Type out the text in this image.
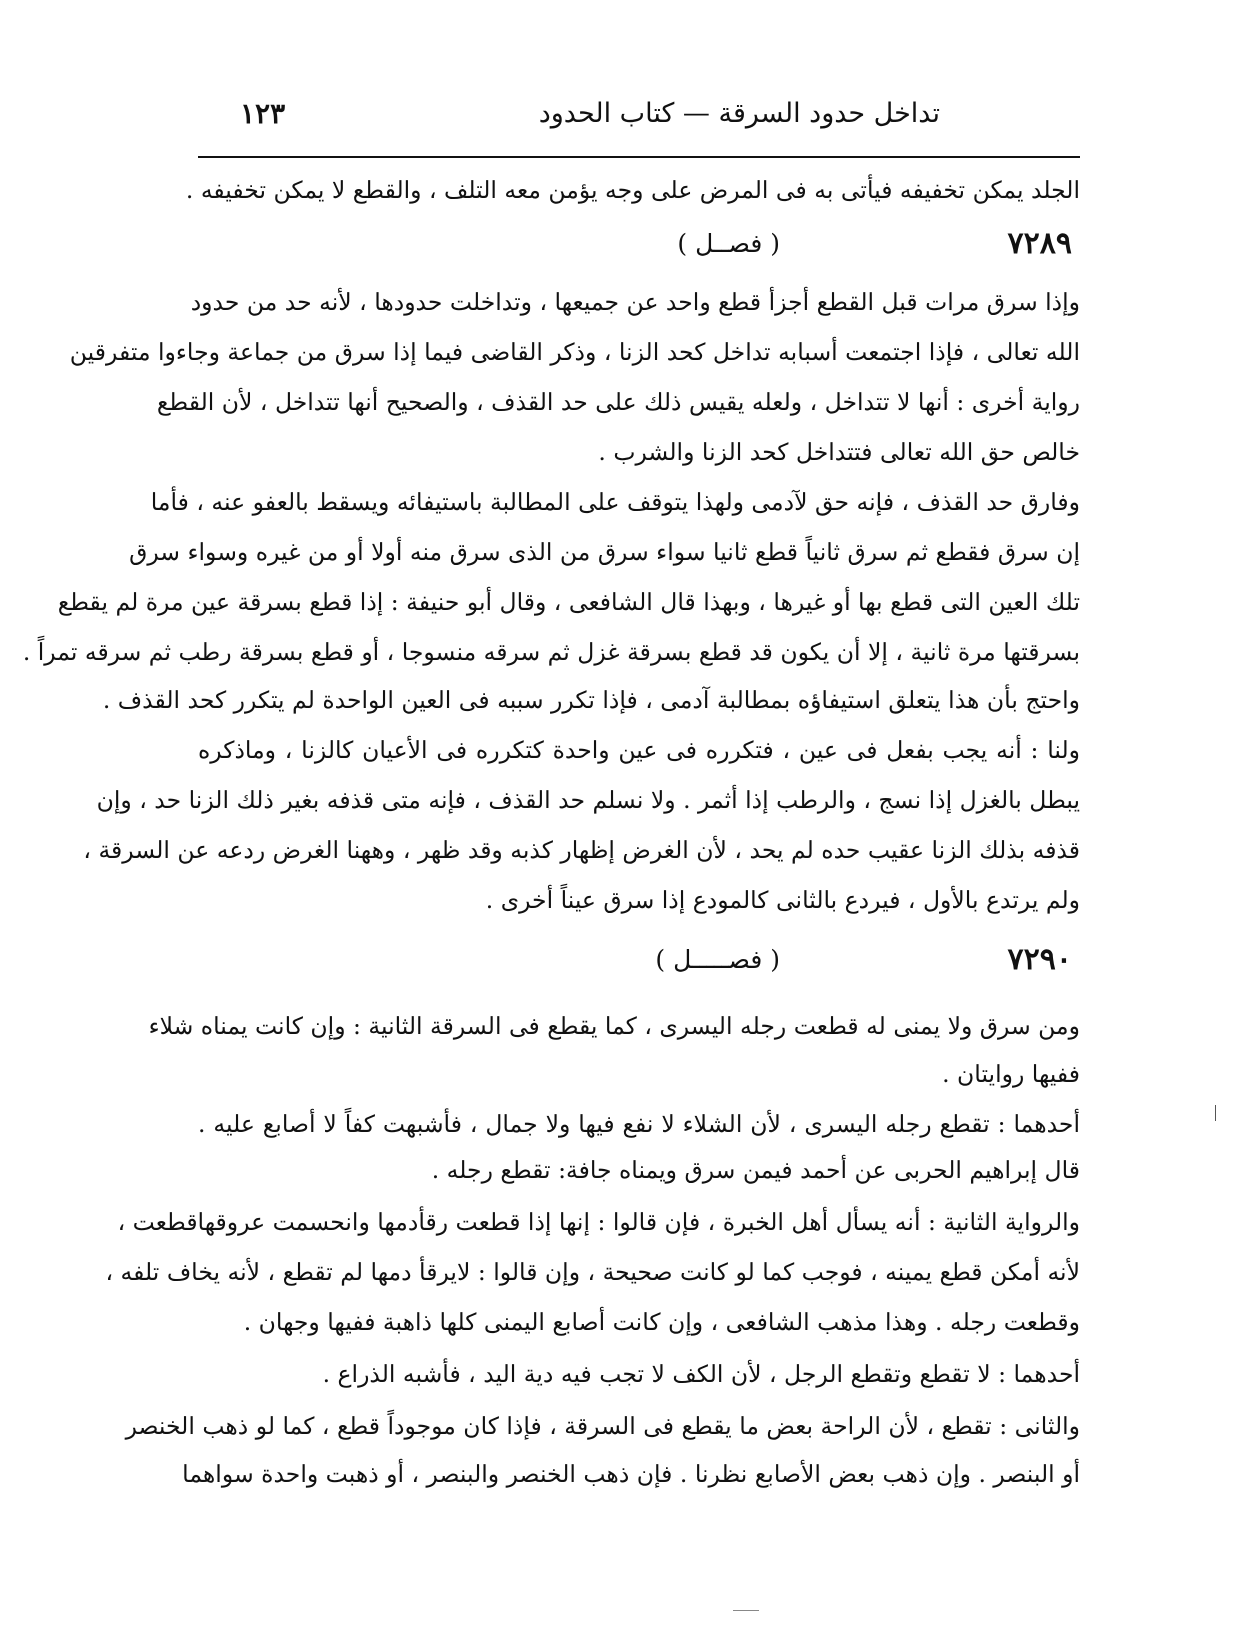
تداخل حدود السرقة — كتاب الحدود
١٢٣
الجلد يمكن تخفيفه فيأتى به فى المرض على وجه يؤمن معه التلف ، والقطع لا يمكن تخفيفه .
٧٢٨٩
( فصــل )
وإذا سرق مرات قبل القطع أجزأ قطع واحد عن جميعها ، وتداخلت حدودها ، لأنه حد من حدود
الله تعالى ، فإذا اجتمعت أسبابه تداخل كحد الزنا ، وذكر القاضى فيما إذا سرق من جماعة وجاءوا متفرقين
رواية أخرى : أنها لا تتداخل ، ولعله يقيس ذلك على حد القذف ، والصحيح أنها تتداخل ، لأن القطع
خالص حق الله تعالى فتتداخل كحد الزنا والشرب .
وفارق حد القذف ، فإنه حق لآدمى ولهذا يتوقف على المطالبة باستيفائه ويسقط بالعفو عنه ، فأما
إن سرق فقطع ثم سرق ثانياً قطع ثانيا سواء سرق من الذى سرق منه أولا أو من غيره وسواء سرق
تلك العين التى قطع بها أو غيرها ، وبهذا قال الشافعى ، وقال أبو حنيفة : إذا قطع بسرقة عين مرة لم يقطع
بسرقتها مرة ثانية ، إلا أن يكون قد قطع بسرقة غزل ثم سرقه منسوجا ، أو قطع بسرقة رطب ثم سرقه تمراً .
واحتج بأن هذا يتعلق استيفاؤه بمطالبة آدمى ، فإذا تكرر سببه فى العين الواحدة لم يتكرر كحد القذف .
ولنا : أنه يجب بفعل فى عين ، فتكرره فى عين واحدة كتكرره فى الأعيان كالزنا ، وماذكره
يبطل بالغزل إذا نسج ، والرطب إذا أثمر . ولا نسلم حد القذف ، فإنه متى قذفه بغير ذلك الزنا حد ، وإن
قذفه بذلك الزنا عقيب حده لم يحد ، لأن الغرض إظهار كذبه وقد ظهر ، وههنا الغرض ردعه عن السرقة ،
ولم يرتدع بالأول ، فيردع بالثانى كالمودع إذا سرق عيناً أخرى .
٧٢٩٠
( فصـــــل )
ومن سرق ولا يمنى له قطعت رجله اليسرى ، كما يقطع فى السرقة الثانية : وإن كانت يمناه شلاء
ففيها روايتان .
أحدهما : تقطع رجله اليسرى ، لأن الشلاء لا نفع فيها ولا جمال ، فأشبهت كفاً لا أصابع عليه .
قال إبراهيم الحربى عن أحمد فيمن سرق ويمناه جافة: تقطع رجله .
والرواية الثانية : أنه يسأل أهل الخبرة ، فإن قالوا : إنها إذا قطعت رقأدمها وانحسمت عروقهاقطعت ،
لأنه أمكن قطع يمينه ، فوجب كما لو كانت صحيحة ، وإن قالوا : لايرقأ دمها لم تقطع ، لأنه يخاف تلفه ،
وقطعت رجله . وهذا مذهب الشافعى ، وإن كانت أصابع اليمنى كلها ذاهبة ففيها وجهان .
أحدهما : لا تقطع وتقطع الرجل ، لأن الكف لا تجب فيه دية اليد ، فأشبه الذراع .
والثانى : تقطع ، لأن الراحة بعض ما يقطع فى السرقة ، فإذا كان موجوداً قطع ، كما لو ذهب الخنصر
أو البنصر . وإن ذهب بعض الأصابع نظرنا . فإن ذهب الخنصر والبنصر ، أو ذهبت واحدة سواهما
